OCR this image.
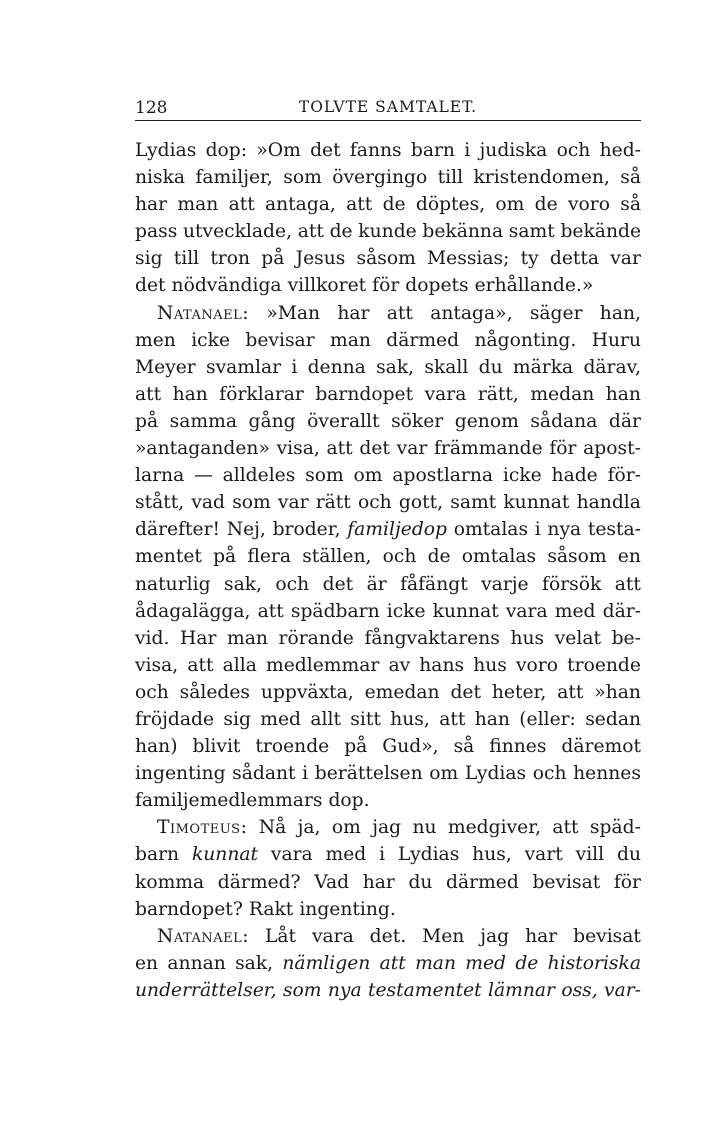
128	TOLVTE SAMTALET.
Lydias dop: »Om det fanns barn i judiska och hed-
niska familjer, som övergingo till kristendomen, så
har man att antaga, att de döptes, om de voro så
pass utvecklade, att de kunde bekänna samt bekände
sig till tron på Jesus såsom Messias; ty detta var
det nödvändiga villkoret för dopets erhållande.»
Natanael: »Man har att antaga», säger han,
men icke bevisar man därmed någonting. Huru
Meyer svamlar i denna sak, skall du märka därav,
att han förklarar barndopet vara rätt, medan han
på samma gång överallt söker genom sådana där
»antaganden» visa, att det var främmande för apost-
larna — alldeles som om apostlarna icke hade för-
stått, vad som var rätt och gott, samt kunnat handla
därefter! Nej, broder, familjedop omtalas i nya testa-
mentet på flera ställen, och de omtalas såsom en
naturlig sak, och det är fåfängt varje försök att
ådagalägga, att spädbarn icke kunnat vara med där-
vid. Har man rörande fångvaktarens hus velat be-
visa, att alla medlemmar av hans hus voro troende
och således uppväxta, emedan det heter, att »han
fröjdade sig med allt sitt hus, att han (eller: sedan
han) blivit troende på Gud», så finnes däremot
ingenting sådant i berättelsen om Lydias och hennes
familjemedlemmars dop.
Timoteus: Nå ja, om jag nu medgiver, att späd-
barn kunnat vara med i Lydias hus, vart vill du
komma därmed? Vad har du därmed bevisat för
barndopet? Rakt ingenting.
Natanael: Låt vara det. Men jag har bevisat
en annan sak, nämligen att man med de historiska
underrättelser, som nya testamentet lämnar oss, var-
